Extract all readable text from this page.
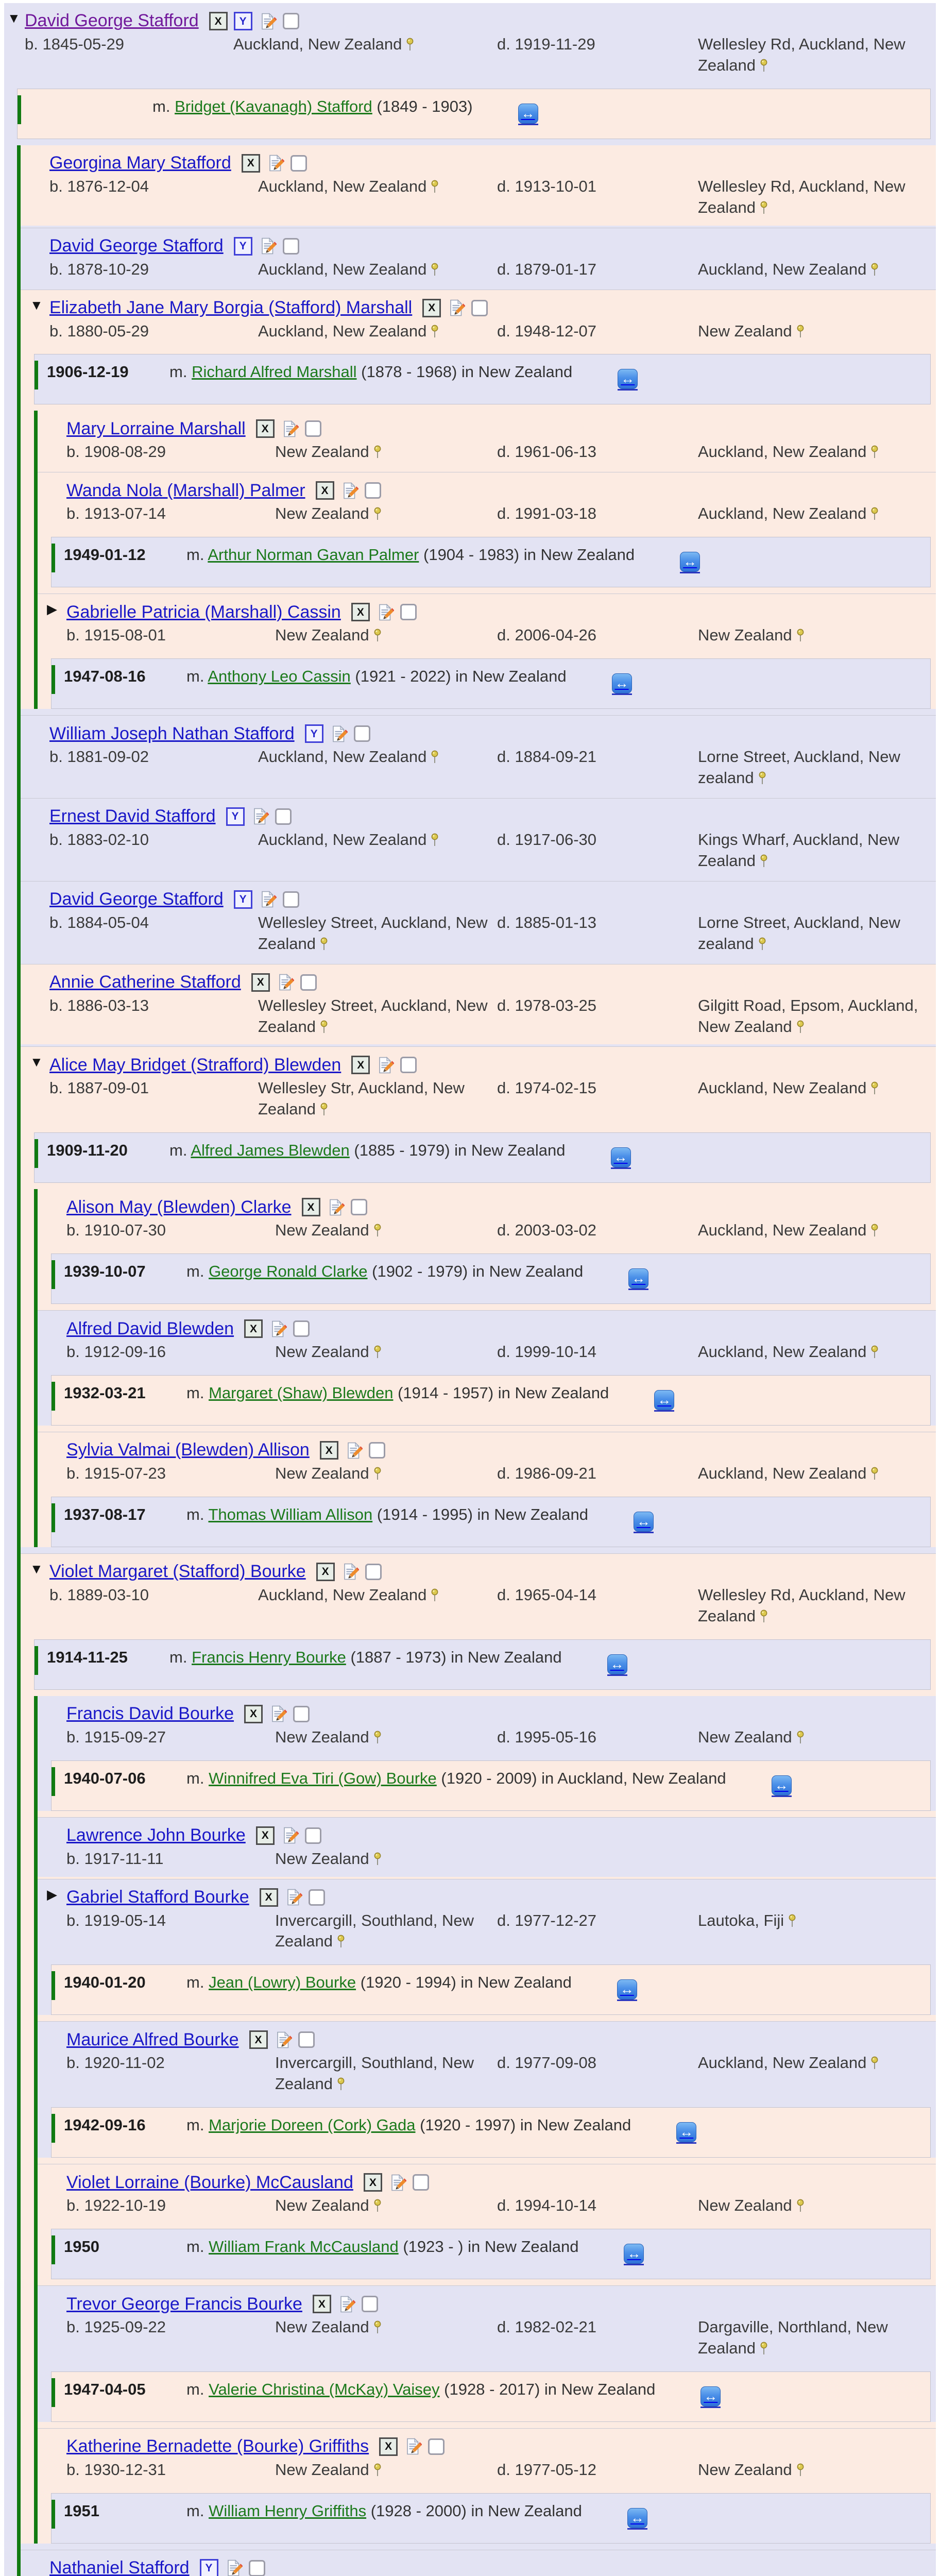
▼ David George Stafford	X	Y
b. 1845-05-29	Auckland, New Zealand	d. 1919-11-29	Wellesley Rd, Auckland, New Zealand
m. Bridget (Kavanagh) Stafford (1849 - 1903)	↔
Georgina Mary Stafford	X
b. 1876-12-04	Auckland, New Zealand	d. 1913-10-01	Wellesley Rd, Auckland, New Zealand
David George Stafford	Y
b. 1878-10-29	Auckland, New Zealand	d. 1879-01-17	Auckland, New Zealand
▼ Elizabeth Jane Mary Borgia (Stafford) Marshall	X
b. 1880-05-29	Auckland, New Zealand	d. 1948-12-07	New Zealand
1906-12-19	m. Richard Alfred Marshall (1878 - 1968) in New Zealand	↔
Mary Lorraine Marshall	X
b. 1908-08-29	New Zealand	d. 1961-06-13	Auckland, New Zealand
Wanda Nola (Marshall) Palmer	X
b. 1913-07-14	New Zealand	d. 1991-03-18	Auckland, New Zealand
1949-01-12	m. Arthur Norman Gavan Palmer (1904 - 1983) in New Zealand	↔
▶ Gabrielle Patricia (Marshall) Cassin	X
b. 1915-08-01	New Zealand	d. 2006-04-26	New Zealand
1947-08-16	m. Anthony Leo Cassin (1921 - 2022) in New Zealand	↔
William Joseph Nathan Stafford	Y
b. 1881-09-02	Auckland, New Zealand	d. 1884-09-21	Lorne Street, Auckland, New zealand
Ernest David Stafford	Y
b. 1883-02-10	Auckland, New Zealand	d. 1917-06-30	Kings Wharf, Auckland, New Zealand
David George Stafford	Y
b. 1884-05-04	Wellesley Street, Auckland, New Zealand
d. 1885-01-13	Lorne Street, Auckland, New zealand
Annie Catherine Stafford	X
b. 1886-03-13	Wellesley Street, Auckland, New Zealand
d. 1978-03-25	Gilgitt Road, Epsom, Auckland, New Zealand
▼ Alice May Bridget (Strafford) Blewden	X
b. 1887-09-01	Wellesley Str, Auckland, New Zealand
d. 1974-02-15	Auckland, New Zealand
1909-11-20	m. Alfred James Blewden (1885 - 1979) in New Zealand	↔
Alison May (Blewden) Clarke	X
b. 1910-07-30	New Zealand	d. 2003-03-02	Auckland, New Zealand
1939-10-07	m. George Ronald Clarke (1902 - 1979) in New Zealand	↔
Alfred David Blewden	X
b. 1912-09-16	New Zealand	d. 1999-10-14	Auckland, New Zealand
1932-03-21	m. Margaret (Shaw) Blewden (1914 - 1957) in New Zealand	↔
Sylvia Valmai (Blewden) Allison	X
b. 1915-07-23	New Zealand	d. 1986-09-21	Auckland, New Zealand
1937-08-17	m. Thomas William Allison (1914 - 1995) in New Zealand	↔
▼ Violet Margaret (Stafford) Bourke	X
b. 1889-03-10	Auckland, New Zealand	d. 1965-04-14	Wellesley Rd, Auckland, New Zealand
1914-11-25	m. Francis Henry Bourke (1887 - 1973) in New Zealand	↔
Francis David Bourke	X
b. 1915-09-27	New Zealand	d. 1995-05-16	New Zealand
1940-07-06	m. Winnifred Eva Tiri (Gow) Bourke (1920 - 2009) in Auckland, New Zealand	↔
Lawrence John Bourke	X
b. 1917-11-11	New Zealand
▶ Gabriel Stafford Bourke	X
b. 1919-05-14	Invercargill, Southland, New Zealand
d. 1977-12-27	Lautoka, Fiji
1940-01-20	m. Jean (Lowry) Bourke (1920 - 1994) in New Zealand	↔
Maurice Alfred Bourke	X
b. 1920-11-02	Invercargill, Southland, New Zealand
d. 1977-09-08	Auckland, New Zealand
1942-09-16	m. Marjorie Doreen (Cork) Gada (1920 - 1997) in New Zealand	↔
Violet Lorraine (Bourke) McCausland	X
b. 1922-10-19	New Zealand	d. 1994-10-14	New Zealand
1950	m. William Frank McCausland (1923 - ) in New Zealand	↔
Trevor George Francis Bourke	X
b. 1925-09-22	New Zealand	d. 1982-02-21	Dargaville, Northland, New Zealand
1947-04-05	m. Valerie Christina (McKay) Vaisey (1928 - 2017) in New Zealand	↔
Katherine Bernadette (Bourke) Griffiths	X
b. 1930-12-31	New Zealand	d. 1977-05-12	New Zealand
1951	m. William Henry Griffiths (1928 - 2000) in New Zealand	↔
Nathaniel Stafford	Y
